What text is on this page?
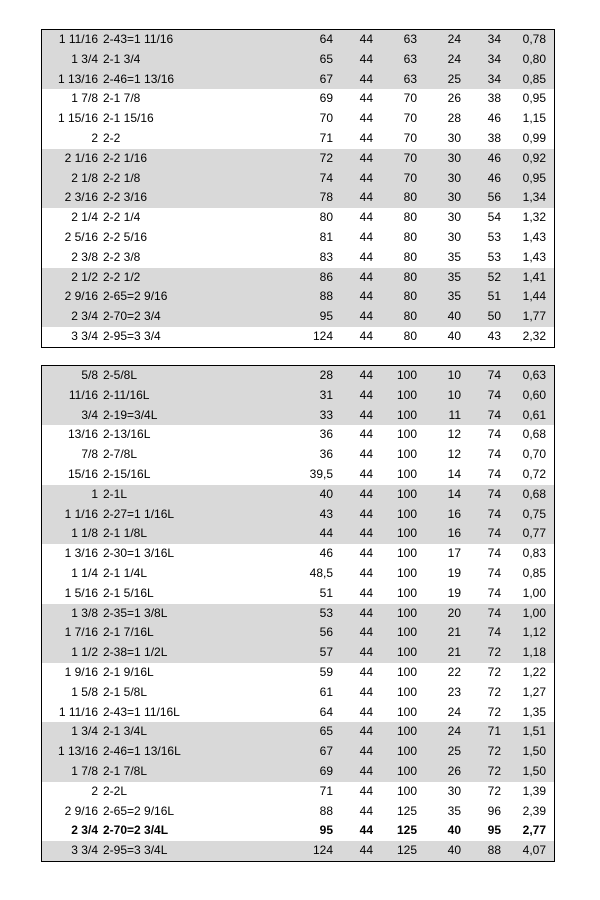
1 11/16	2-43=1 11/16	64	44	63	24	34	0,78
1 3/4	2-1 3/4	65	44	63	24	34	0,80
1 13/16	2-46=1 13/16	67	44	63	25	34	0,85
1 7/8	2-1 7/8	69	44	70	26	38	0,95
1 15/16	2-1 15/16	70	44	70	28	46	1,15
2	2-2	71	44	70	30	38	0,99
2 1/16	2-2 1/16	72	44	70	30	46	0,92
2 1/8	2-2 1/8	74	44	70	30	46	0,95
2 3/16	2-2 3/16	78	44	80	30	56	1,34
2 1/4	2-2 1/4	80	44	80	30	54	1,32
2 5/16	2-2 5/16	81	44	80	30	53	1,43
2 3/8	2-2 3/8	83	44	80	35	53	1,43
2 1/2	2-2 1/2	86	44	80	35	52	1,41
2 9/16	2-65=2 9/16	88	44	80	35	51	1,44
2 3/4	2-70=2 3/4	95	44	80	40	50	1,77
3 3/4	2-95=3 3/4	124	44	80	40	43	2,32
5/8	2-5/8L	28	44	100	10	74	0,63
11/16	2-11/16L	31	44	100	10	74	0,60
3/4	2-19=3/4L	33	44	100	11	74	0,61
13/16	2-13/16L	36	44	100	12	74	0,68
7/8	2-7/8L	36	44	100	12	74	0,70
15/16	2-15/16L	39,5	44	100	14	74	0,72
1	2-1L	40	44	100	14	74	0,68
1 1/16	2-27=1 1/16L	43	44	100	16	74	0,75
1 1/8	2-1 1/8L	44	44	100	16	74	0,77
1 3/16	2-30=1 3/16L	46	44	100	17	74	0,83
1 1/4	2-1 1/4L	48,5	44	100	19	74	0,85
1 5/16	2-1 5/16L	51	44	100	19	74	1,00
1 3/8	2-35=1 3/8L	53	44	100	20	74	1,00
1 7/16	2-1 7/16L	56	44	100	21	74	1,12
1 1/2	2-38=1 1/2L	57	44	100	21	72	1,18
1 9/16	2-1 9/16L	59	44	100	22	72	1,22
1 5/8	2-1 5/8L	61	44	100	23	72	1,27
1 11/16	2-43=1 11/16L	64	44	100	24	72	1,35
1 3/4	2-1 3/4L	65	44	100	24	71	1,51
1 13/16	2-46=1 13/16L	67	44	100	25	72	1,50
1 7/8	2-1 7/8L	69	44	100	26	72	1,50
2	2-2L	71	44	100	30	72	1,39
2 9/16	2-65=2 9/16L	88	44	125	35	96	2,39
2 3/4	2-70=2 3/4L	95	44	125	40	95	2,77
3 3/4	2-95=3 3/4L	124	44	125	40	88	4,07
